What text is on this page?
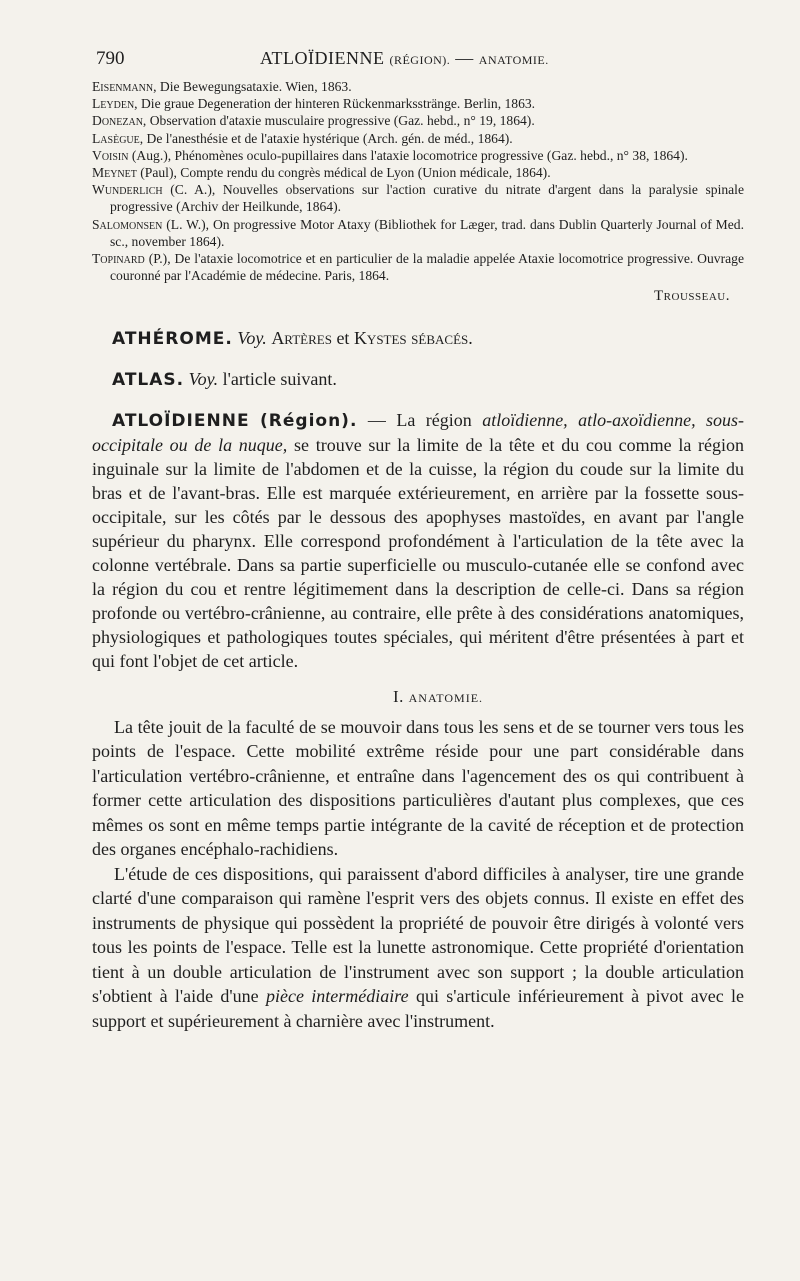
790	ATLOÏDIENNE (RÉGION). — ANATOMIE.

Eisenmann, Die Bewegungsataxie. Wien, 1863.

Leyden, Die graue Degeneration der hinteren Rückenmarksstränge. Berlin, 1863.

Donezan, Observation d'ataxie musculaire progressive (Gaz. hebd., n° 19, 1864).

Lasègue, De l'anesthésie et de l'ataxie hystérique (Arch. gén. de méd., 1864).

Voisin (Aug.), Phénomènes oculo-pupillaires dans l'ataxie locomotrice progressive (Gaz. hebd., n° 38, 1864).

Meynet (Paul), Compte rendu du congrès médical de Lyon (Union médicale, 1864).

Wunderlich (C. A.), Nouvelles observations sur l'action curative du nitrate d'argent dans la paralysie spinale progressive (Archiv der Heilkunde, 1864).

Salomonsen (L. W.), On progressive Motor Ataxy (Bibliothek for Læger, trad. dans Dublin Quarterly Journal of Med. sc., november 1864).

Topinard (P.), De l'ataxie locomotrice et en particulier de la maladie appelée Ataxie locomotrice progressive. Ouvrage couronné par l'Académie de médecine. Paris, 1864.

Trousseau.

ATHÉROME. Voy. Artères et Kystes sébacés.

ATLAS. Voy. l'article suivant.

ATLOÏDIENNE (Région). — La région atloïdienne, atlo-axoïdienne, sous-occipitale ou de la nuque, se trouve sur la limite de la tête et du cou comme la région inguinale sur la limite de l'abdomen et de la cuisse, la région du coude sur la limite du bras et de l'avant-bras. Elle est marquée extérieurement, en arrière par la fossette sous-occipitale, sur les côtés par le dessous des apophyses mastoïdes, en avant par l'angle supérieur du pharynx. Elle correspond profondément à l'articulation de la tête avec la colonne vertébrale. Dans sa partie superficielle ou musculo-cutanée elle se confond avec la région du cou et rentre légitimement dans la description de celle-ci. Dans sa région profonde ou vertébro-crânienne, au contraire, elle prête à des considérations anatomiques, physiologiques et pathologiques toutes spéciales, qui méritent d'être présentées à part et qui font l'objet de cet article.

I. ANATOMIE.

La tête jouit de la faculté de se mouvoir dans tous les sens et de se tourner vers tous les points de l'espace. Cette mobilité extrême réside pour une part considérable dans l'articulation vertébro-crânienne, et entraîne dans l'agencement des os qui contribuent à former cette articulation des dispositions particulières d'autant plus complexes, que ces mêmes os sont en même temps partie intégrante de la cavité de réception et de protection des organes encéphalo-rachidiens.

L'étude de ces dispositions, qui paraissent d'abord difficiles à analyser, tire une grande clarté d'une comparaison qui ramène l'esprit vers des objets connus. Il existe en effet des instruments de physique qui possèdent la propriété de pouvoir être dirigés à volonté vers tous les points de l'espace. Telle est la lunette astronomique. Cette propriété d'orientation tient à un double articulation de l'instrument avec son support ; la double articulation s'obtient à l'aide d'une pièce intermédiaire qui s'articule inférieurement à pivot avec le support et supérieurement à charnière avec l'instrument.
